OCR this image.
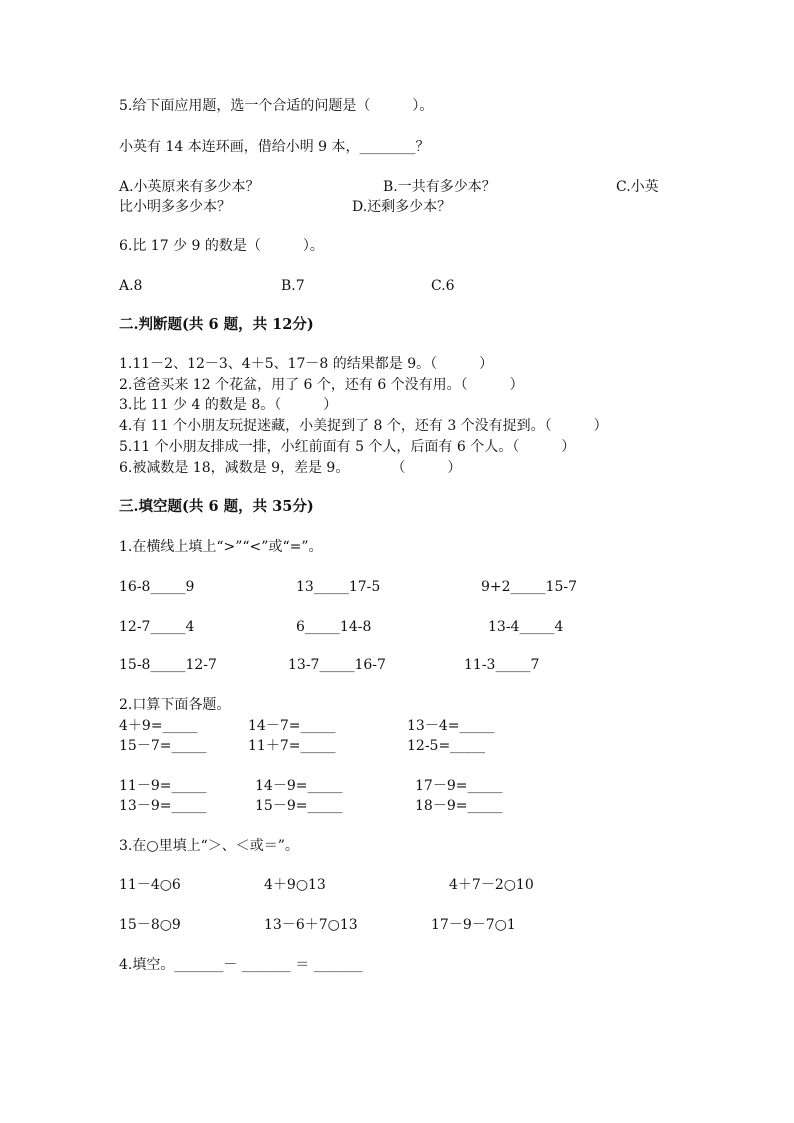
5.给下面应用题，选一个合适的问题是（　　　）。
小英有 14 本连环画，借给小明 9 本，________？
A.小英原来有多少本？	B.一共有多少本？	C.小英
比小明多多少本？	D.还剩多少本？
6.比 17 少 9 的数是（　　　）。
A.8	B.7	C.6
二.判断题(共 6 题，共 12分)
1.11－2、12－3、4＋5、17－8 的结果都是 9。（　　　）
2.爸爸买来 12 个花盆，用了 6 个，还有 6 个没有用。（　　　）
3.比 11 少 4 的数是 8。（　　　）
4.有 11 个小朋友玩捉迷藏，小美捉到了 8 个，还有 3 个没有捉到。（　　　）
5.11 个小朋友排成一排，小红前面有 5 个人，后面有 6 个人。（　　　）
6.被减数是 18，减数是 9，差是 9。　　　　（　　　）
三.填空题(共 6 题，共 35分)
1.在横线上填上“>”“<”或“=”。
16-8_____9	13_____17-5	9+2_____15-7
12-7_____4	6_____14-8	13-4_____4
15-8_____12-7	13-7_____16-7	11-3_____7
2.口算下面各题。
4＋9=_____	14－7=_____	13－4=_____
15－7=_____	11＋7=_____	12-5=_____
11－9=_____	14－9=_____	17－9=_____
13－9=_____	15－9=_____	18－9=_____
3.在○里填上“＞、＜或＝”。
11－4○6	4＋9○13	4＋7－2○10
15－8○9	13－6＋7○13	17－9－7○1
4.填空。_______－ _______ ＝ _______
